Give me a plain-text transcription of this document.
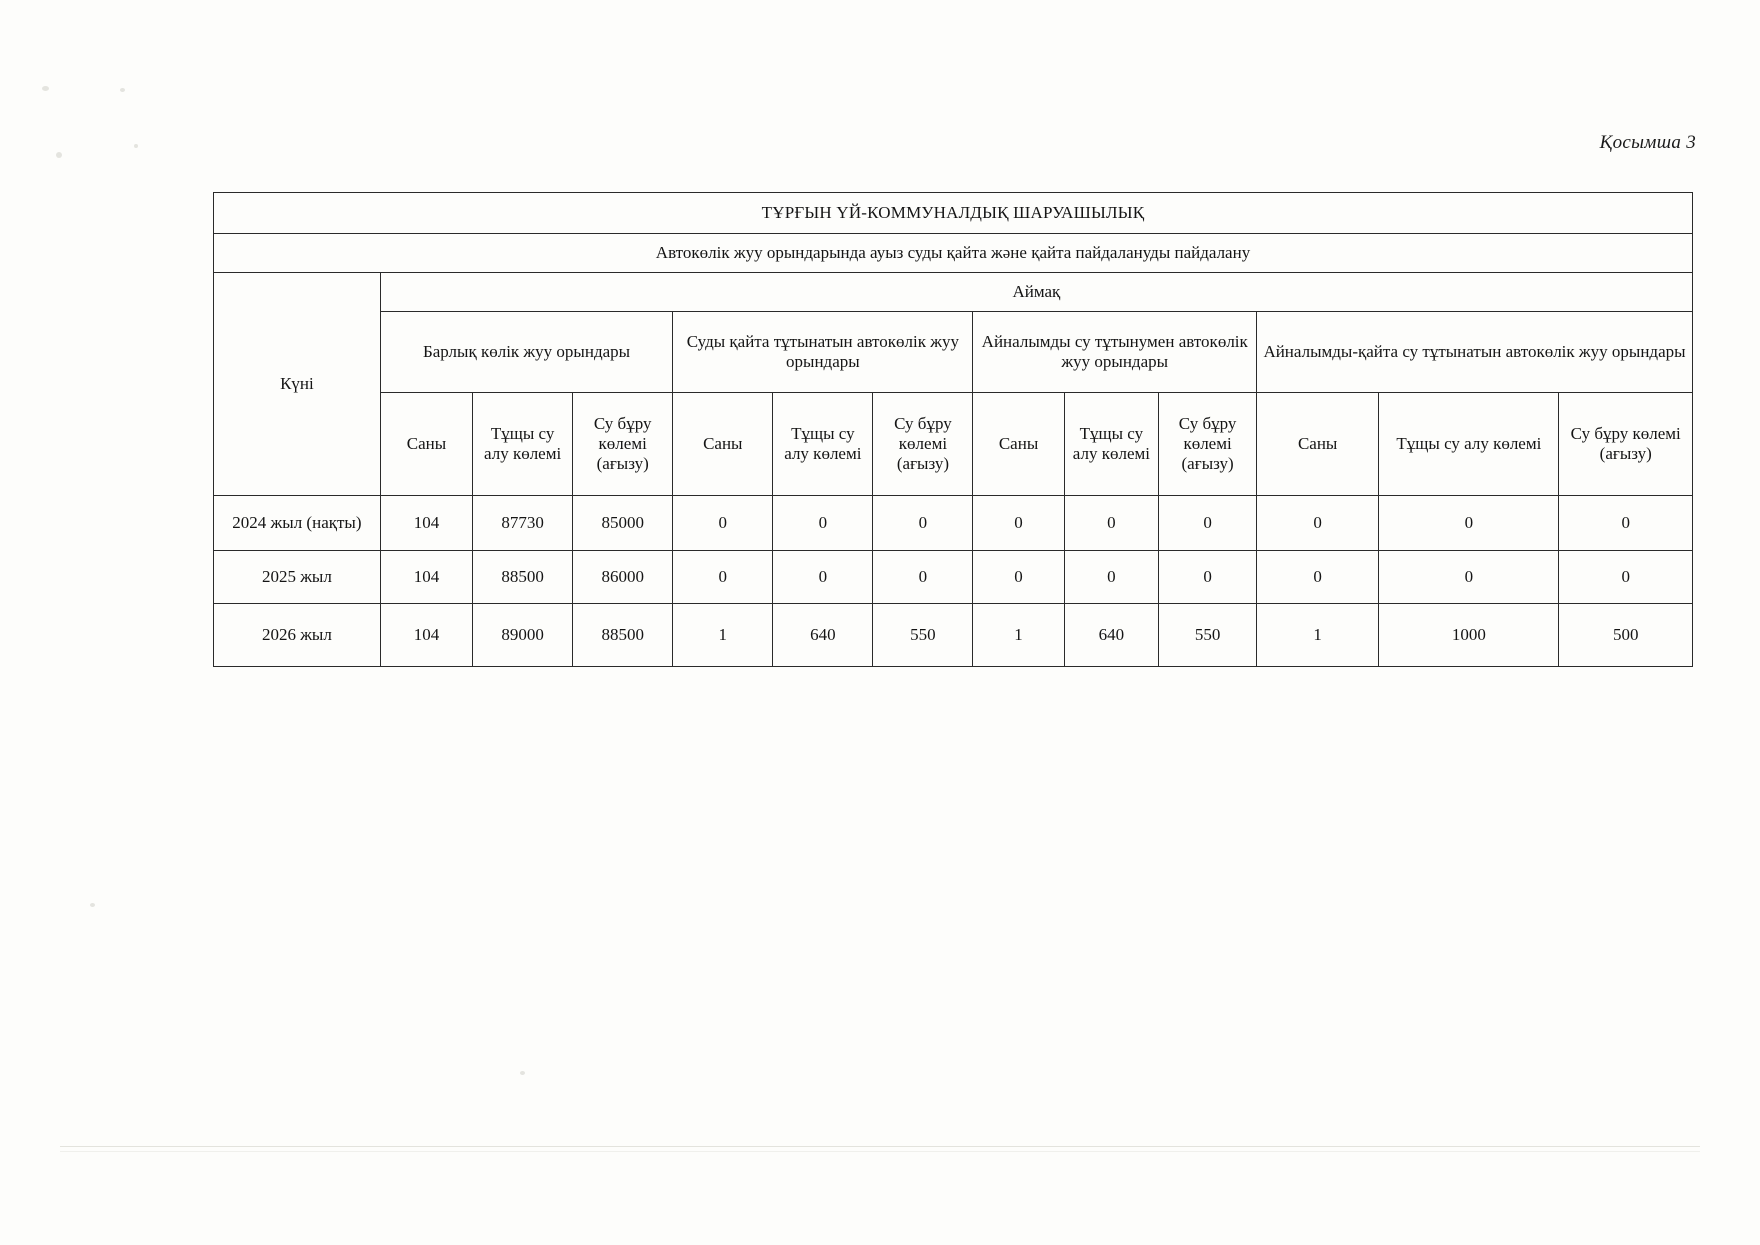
Қосымша 3
ТҰРҒЫН ҮЙ-КОММУНАЛДЫҚ ШАРУАШЫЛЫҚ												
Автокөлік жуу орындарында ауыз суды қайта және қайта пайдалануды пайдалану												
Күні	Аймақ											
	Барлық көлік жуу орындары			Суды қайта тұтынатын автокөлік жуу орындары			Айналымды су тұтынумен автокөлік жуу орындары			Айналымды-қайта су тұтынатын автокөлік жуу орындары		
	Саны	Тұщы су алу көлемі	Су бұру көлемі (ағызу)	Саны	Тұщы су алу көлемі	Су бұру көлемі (ағызу)	Саны	Тұщы су алу көлемі	Су бұру көлемі (ағызу)	Саны	Тұщы су алу көлемі	Су бұру көлемі (ағызу)
2024 жыл (нақты)	104	87730	85000	0	0	0	0	0	0	0	0	0
2025 жыл	104	88500	86000	0	0	0	0	0	0	0	0	0
2026 жыл	104	89000	88500	1	640	550	1	640	550	1	1000	500
